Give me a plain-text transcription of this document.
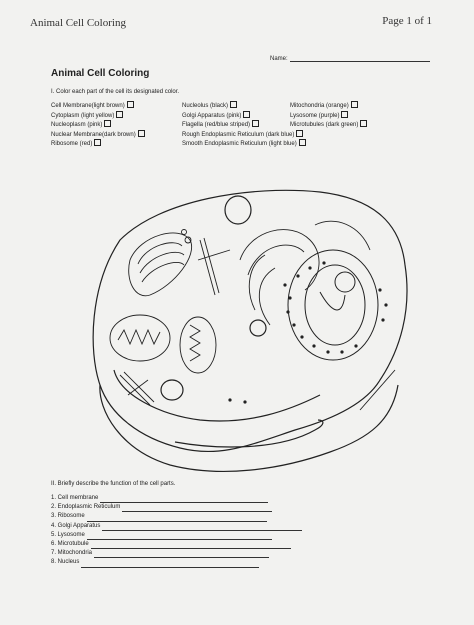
Animal Cell Coloring	Page 1 of 1
Name:
Animal Cell Coloring
I. Color each part of the cell its designated color.
Cell Membrane(light brown)
Cytoplasm (light yellow)
Nucleoplasm (pink)
Nuclear Membrane(dark brown)
Ribosome (red)
Nucleolus (black)
Golgi Apparatus (pink)
Flagella (red/blue striped)
Rough Endoplasmic Reticulum (dark blue)
Smooth Endoplasmic Reticulum (light blue)
Mitochondria (orange)
Lysosome (purple)
Microtubules (dark green)
II. Briefly describe the function of the cell parts.
1. Cell membrane
2. Endoplasmic Reticulum
3. Ribosome
4. Golgi Apparatus
5. Lysosome
6. Microtubule
7. Mitochondria
8. Nucleus
